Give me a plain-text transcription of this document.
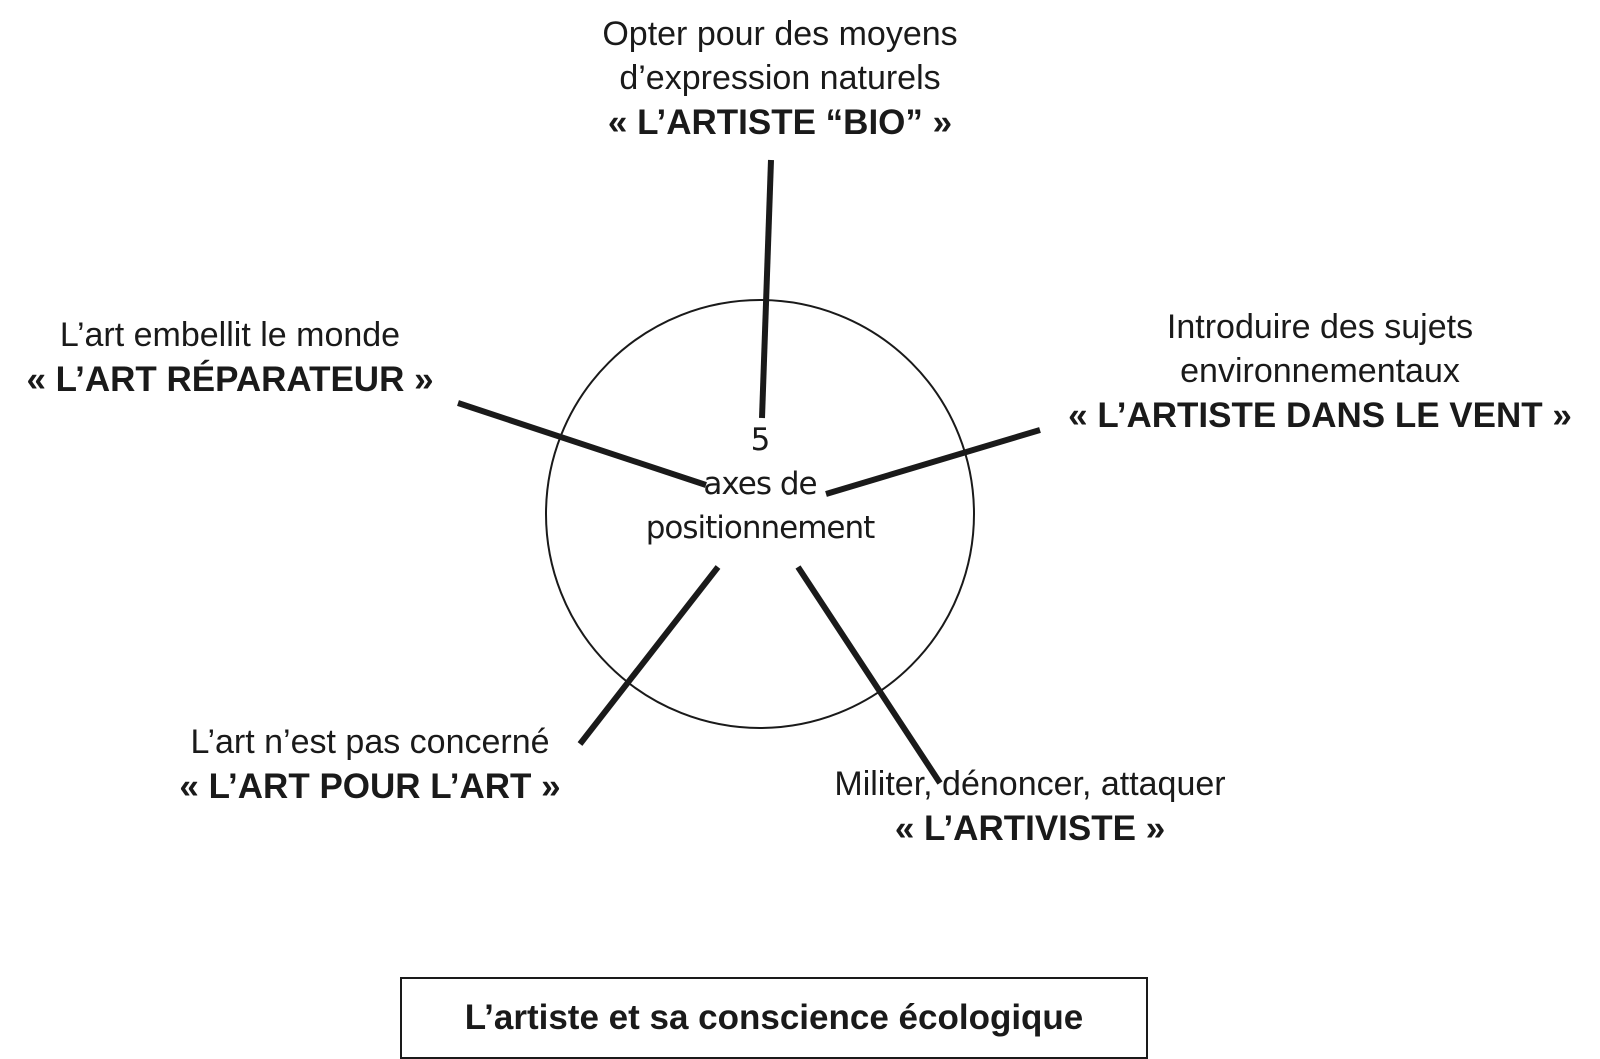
Opter pour des moyens
d’expression naturels
« L’ARTISTE “BIO” »
L’art embellit le monde
« L’ART RÉPARATEUR »
Introduire des sujets
environnementaux
« L’ARTISTE DANS LE VENT »
L’art n’est pas concerné
« L’ART POUR L’ART »	Militer, dénoncer, attaquer
« L’ARTIVISTE »
5
axes de
positionnement
L’artiste et sa conscience écologique
